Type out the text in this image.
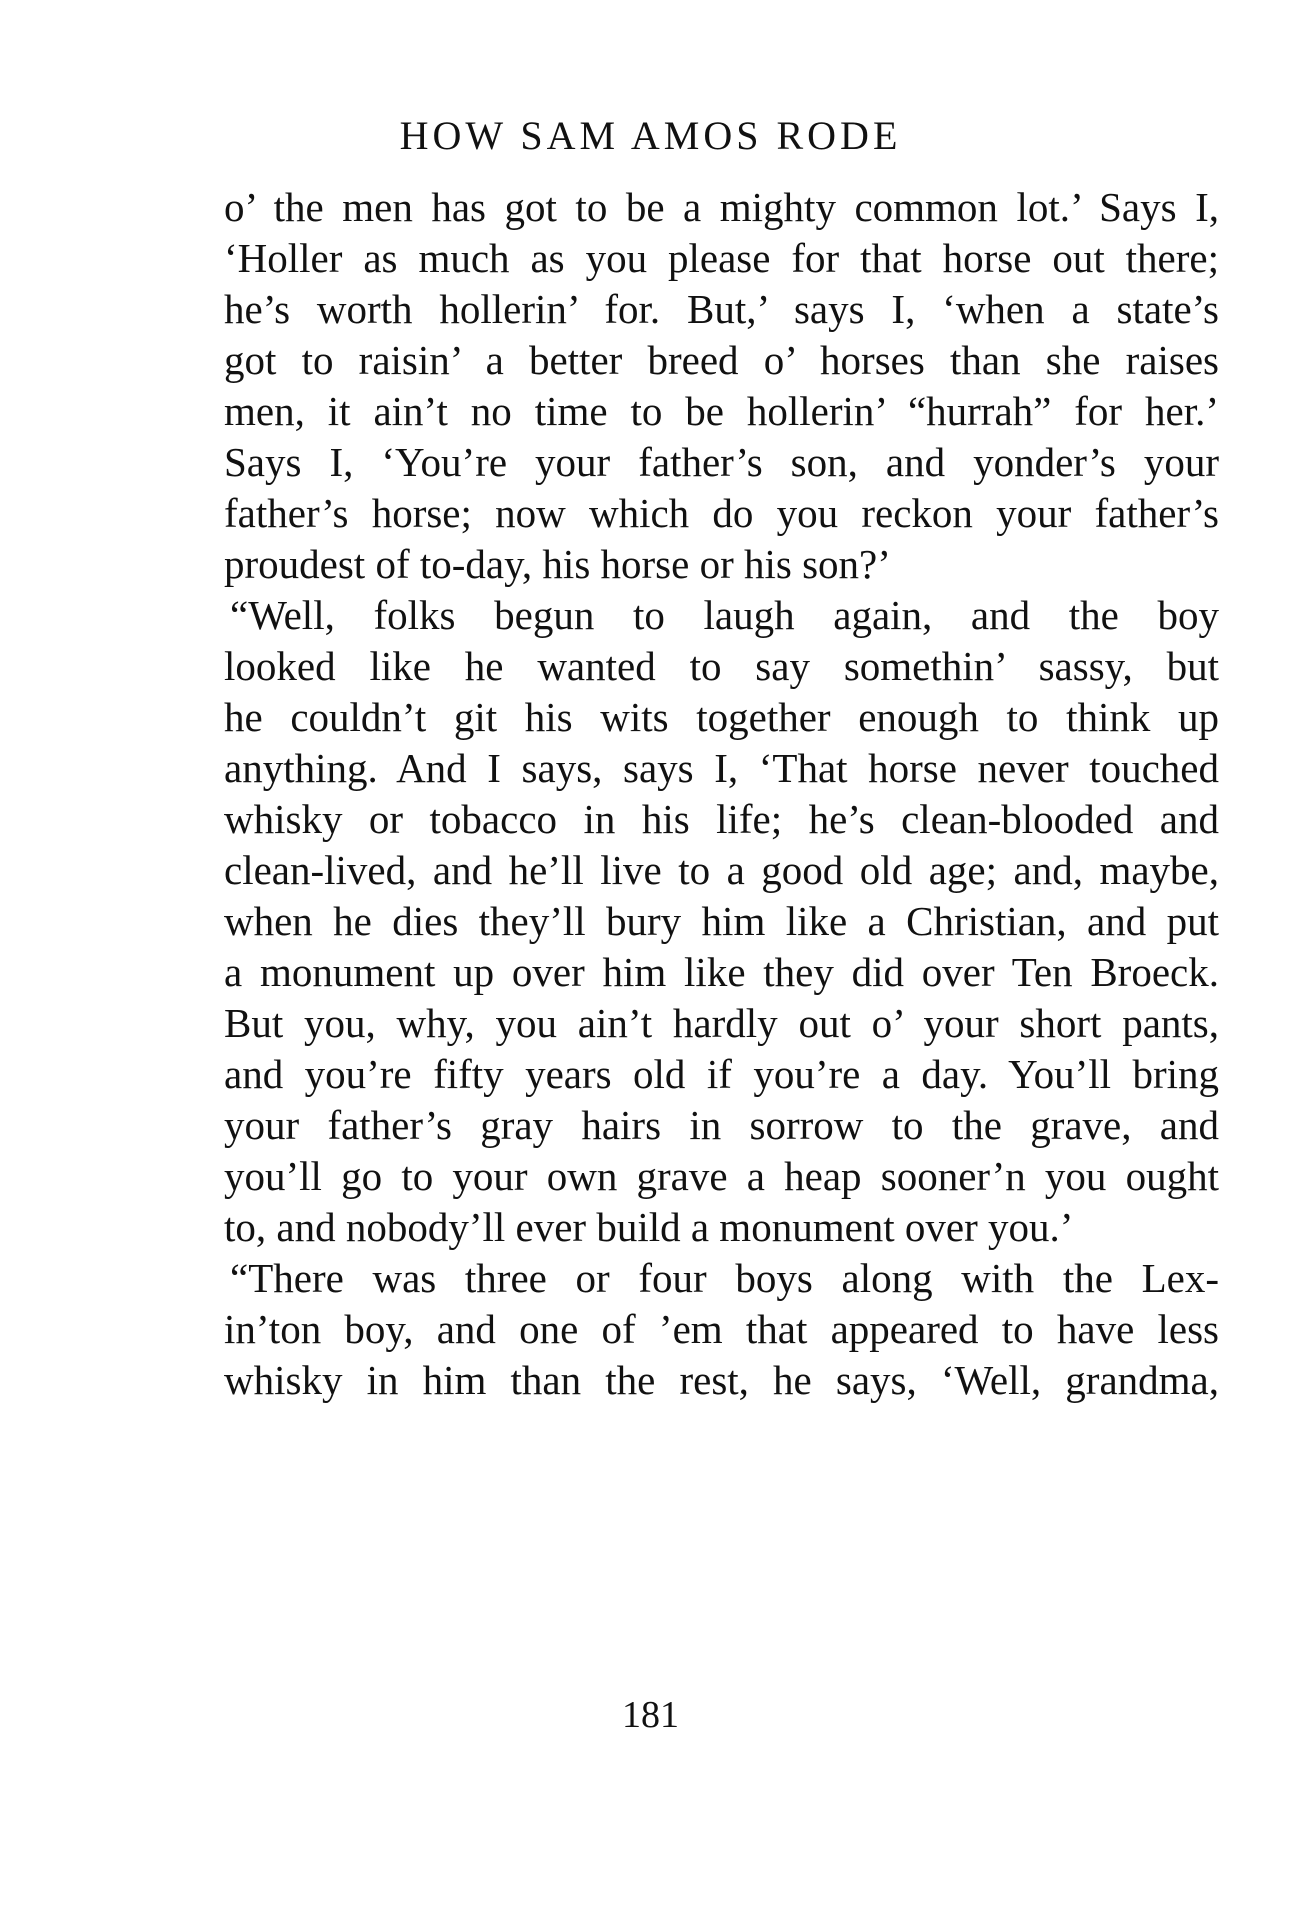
HOW SAM AMOS RODE
o’ the men has got to be a mighty common lot.’ Says I,
‘Holler as much as you please for that horse out there;
he’s worth hollerin’ for. But,’ says I, ‘when a state’s
got to raisin’ a better breed o’ horses than she raises
men, it ain’t no time to be hollerin’ “hurrah” for her.’
Says I, ‘You’re your father’s son, and yonder’s your
father’s horse; now which do you reckon your father’s
proudest of to-day, his horse or his son?’
“Well, folks begun to laugh again, and the boy
looked like he wanted to say somethin’ sassy, but
he couldn’t git his wits together enough to think up
anything. And I says, says I, ‘That horse never touched
whisky or tobacco in his life; he’s clean-blooded and
clean-lived, and he’ll live to a good old age; and, maybe,
when he dies they’ll bury him like a Christian, and put
a monument up over him like they did over Ten Broeck.
But you, why, you ain’t hardly out o’ your short pants,
and you’re fifty years old if you’re a day. You’ll bring
your father’s gray hairs in sorrow to the grave, and
you’ll go to your own grave a heap sooner’n you ought
to, and nobody’ll ever build a monument over you.’
“There was three or four boys along with the Lex-
in’ton boy, and one of ’em that appeared to have less
whisky in him than the rest, he says, ‘Well, grandma,
181
